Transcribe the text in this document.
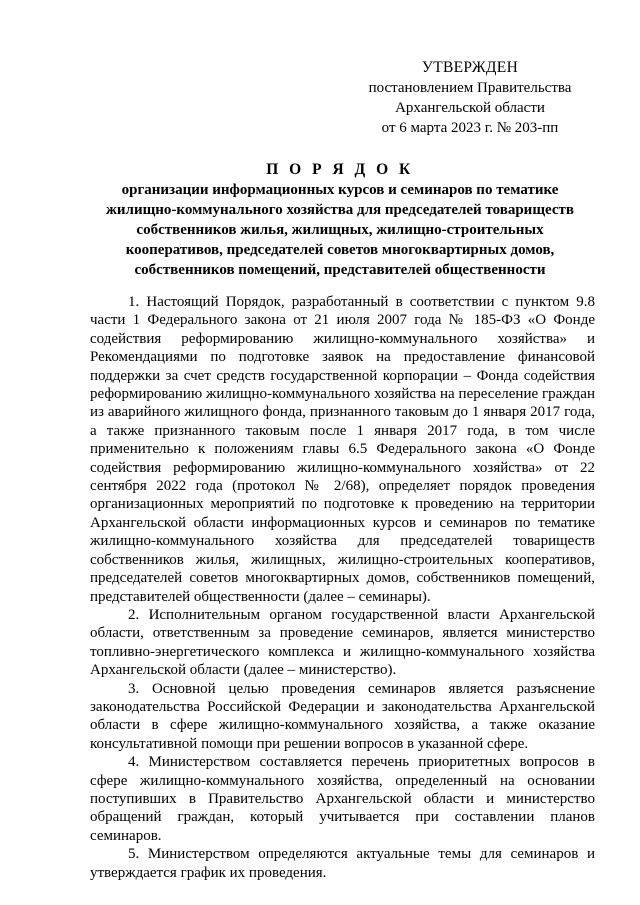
УТВЕРЖДЕН
постановлением Правительства
Архангельской области
от 6 марта 2023 г. № 203-пп
П О Р Я Д О К
организации информационных курсов и семинаров по тематике жилищно-коммунального хозяйства для председателей товариществ собственников жилья, жилищных, жилищно-строительных кооперативов, председателей советов многоквартирных домов, собственников помещений, представителей общественности

1. Настоящий Порядок, разработанный в соответствии с пунктом 9.8 части 1 Федерального закона от 21 июля 2007 года № 185-ФЗ «О Фонде содействия реформированию жилищно-коммунального хозяйства» и Рекомендациями по подготовке заявок на предоставление финансовой поддержки за счет средств государственной корпорации – Фонда содействия реформированию жилищно-коммунального хозяйства на переселение граждан из аварийного жилищного фонда, признанного таковым до 1 января 2017 года, а также признанного таковым после 1 января 2017 года, в том числе применительно к положениям главы 6.5 Федерального закона «О Фонде содействия реформированию жилищно-коммунального хозяйства» от 22 сентября 2022 года (протокол № 2/68), определяет порядок проведения организационных мероприятий по подготовке к проведению на территории Архангельской области информационных курсов и семинаров по тематике жилищно-коммунального хозяйства для председателей товариществ собственников жилья, жилищных, жилищно-строительных кооперативов, председателей советов многоквартирных домов, собственников помещений, представителей общественности (далее – семинары).

2. Исполнительным органом государственной власти Архангельской области, ответственным за проведение семинаров, является министерство топливно-энергетического комплекса и жилищно-коммунального хозяйства Архангельской области (далее – министерство).

3. Основной целью проведения семинаров является разъяснение законодательства Российской Федерации и законодательства Архангельской области в сфере жилищно-коммунального хозяйства, а также оказание консультативной помощи при решении вопросов в указанной сфере.

4. Министерством составляется перечень приоритетных вопросов в сфере жилищно-коммунального хозяйства, определенный на основании поступивших в Правительство Архангельской области и министерство обращений граждан, который учитывается при составлении планов семинаров.

5. Министерством определяются актуальные темы для семинаров и утверждается график их проведения.
